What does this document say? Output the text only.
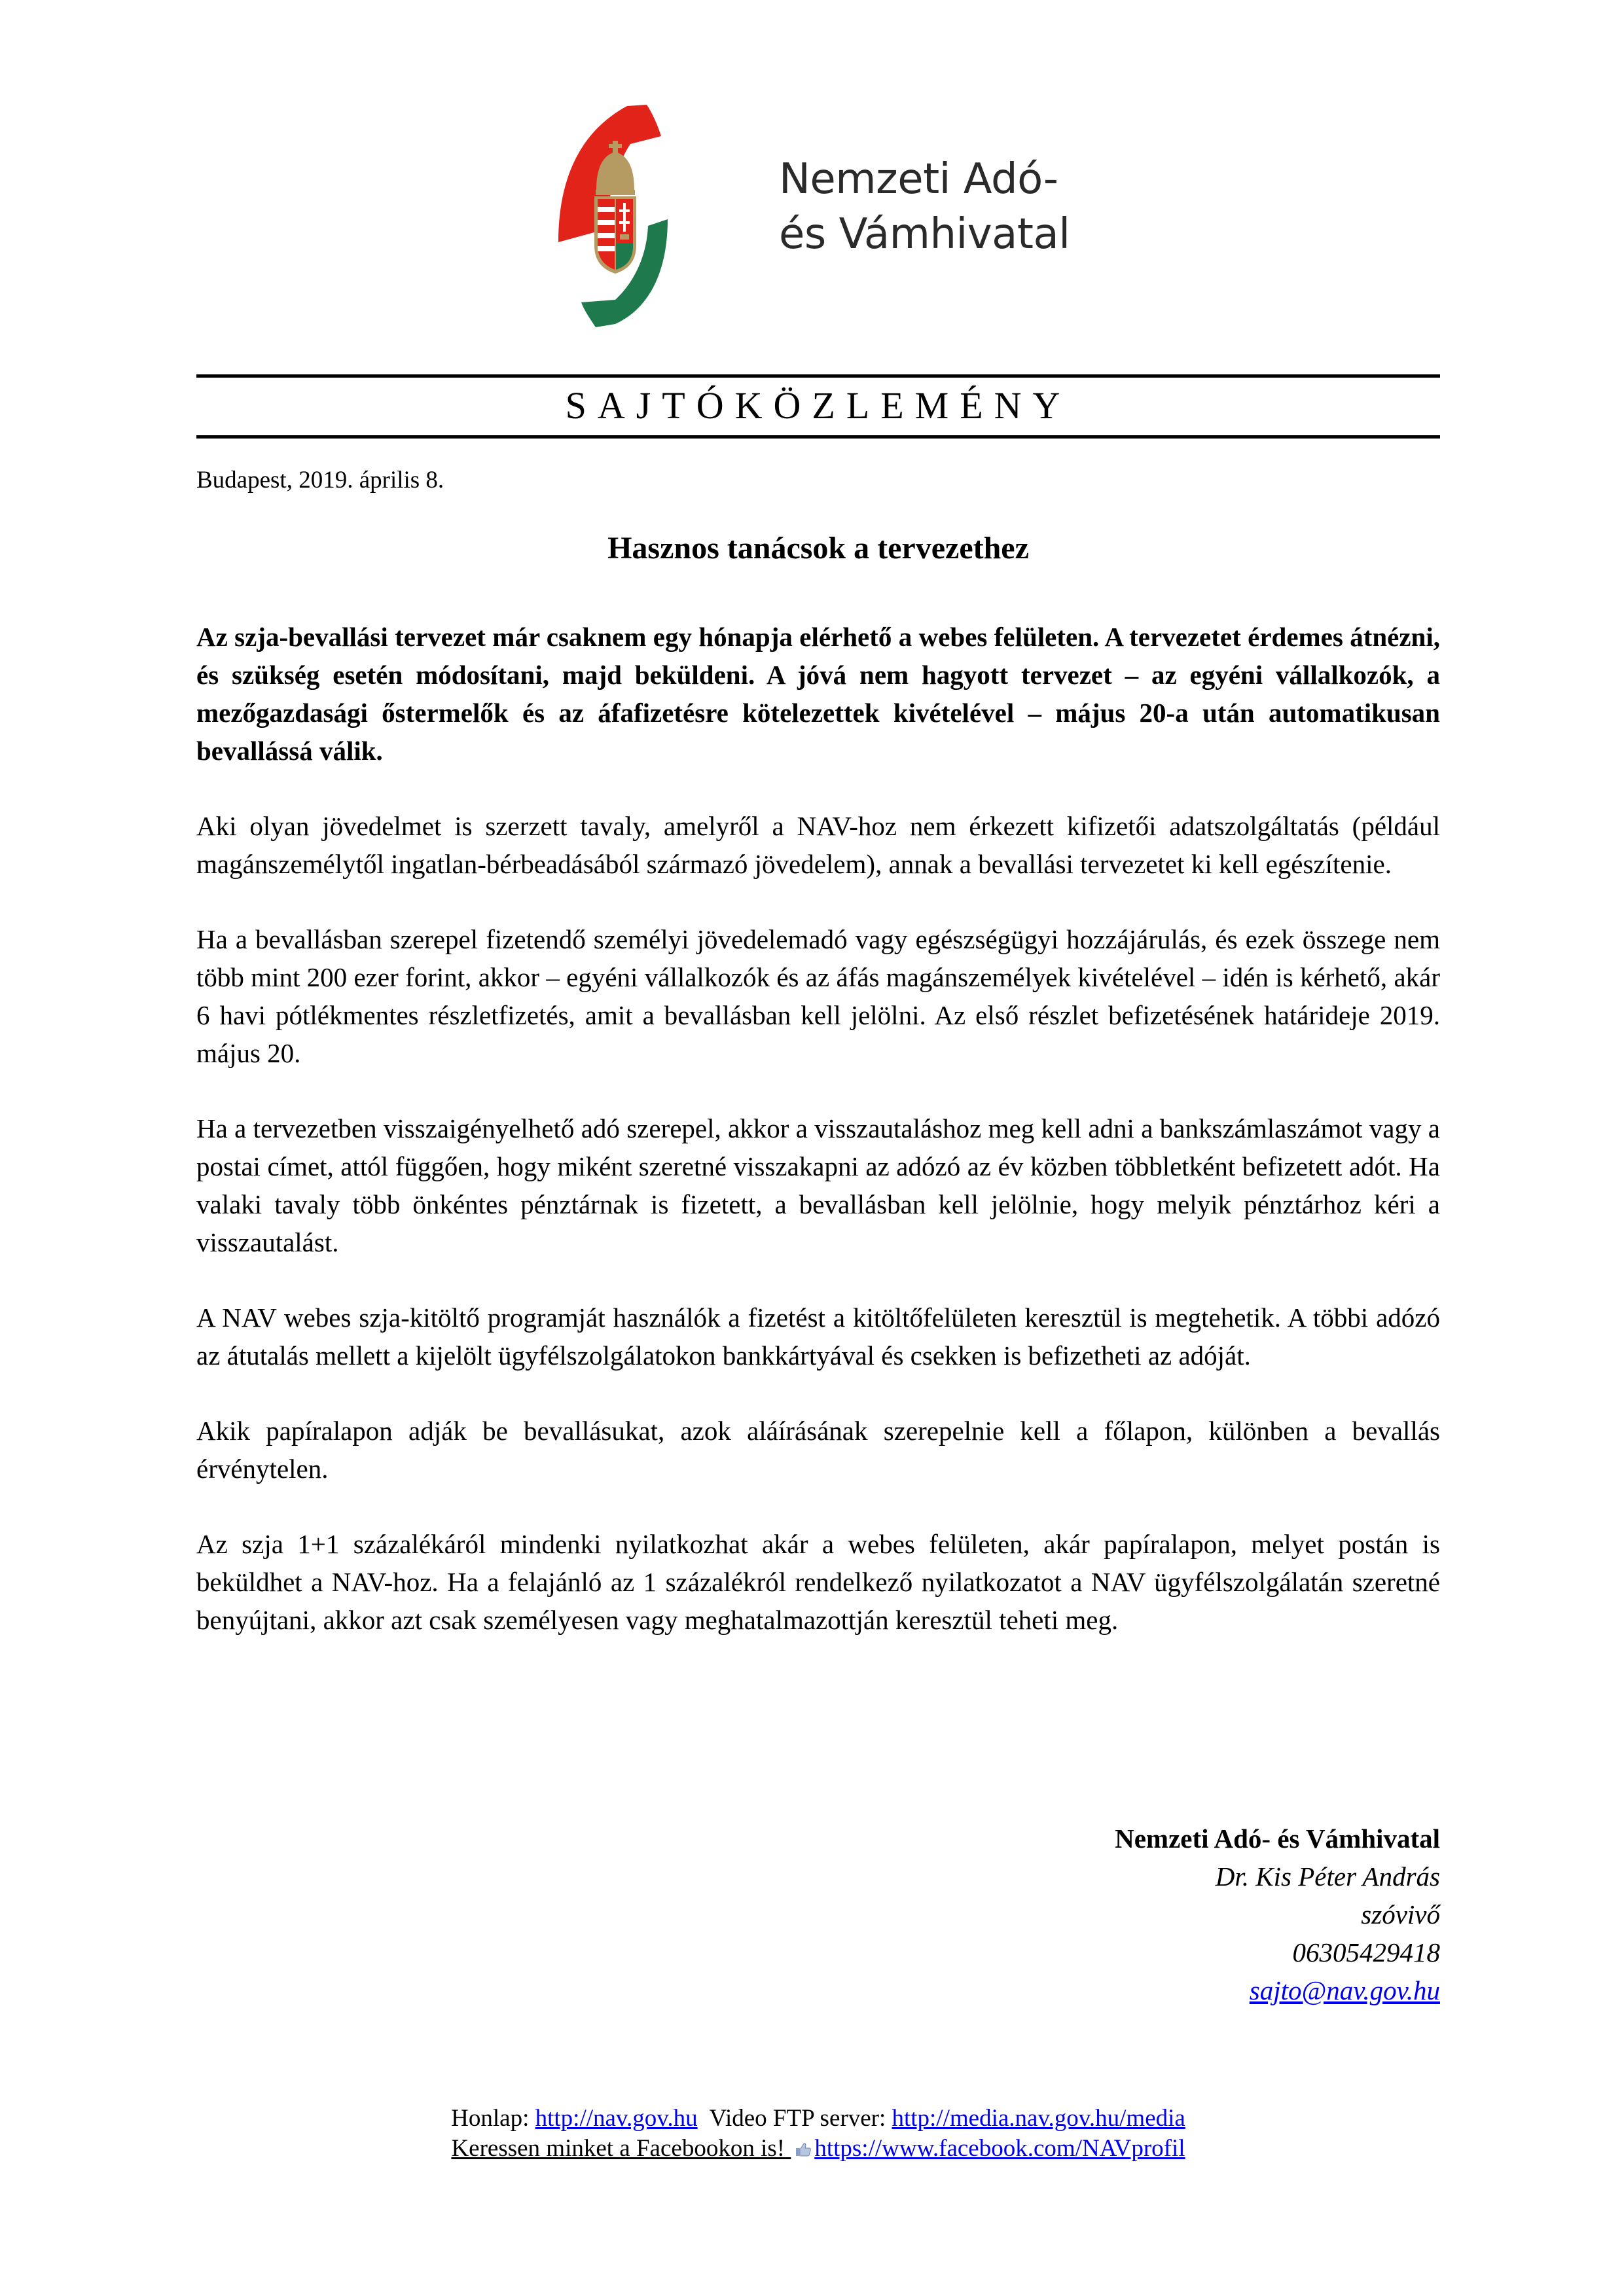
Nemzeti Adó-
és Vámhivatal
SAJTÓKÖZLEMÉNY
Budapest, 2019. április 8.
Hasznos tanácsok a tervezethez

Az szja-bevallási tervezet már csaknem egy hónapja elérhető a webes felületen. A tervezetet érdemes átnézni, és szükség esetén módosítani, majd beküldeni. A jóvá nem hagyott tervezet – az egyéni vállalkozók, a mezőgazdasági őstermelők és az áfafizetésre kötelezettek kivételével – május 20-a után automatikusan bevallássá válik.

Aki olyan jövedelmet is szerzett tavaly, amelyről a NAV-hoz nem érkezett kifizetői adatszolgáltatás (például magánszemélytől ingatlan-bérbeadásából származó jövedelem), annak a bevallási tervezetet ki kell egészítenie.

Ha a bevallásban szerepel fizetendő személyi jövedelemadó vagy egészségügyi hozzájárulás, és ezek összege nem több mint 200 ezer forint, akkor – egyéni vállalkozók és az áfás magánszemélyek kivételével – idén is kérhető, akár 6 havi pótlékmentes részletfizetés, amit a bevallásban kell jelölni. Az első részlet befizetésének határideje 2019. május 20.

Ha a tervezetben visszaigényelhető adó szerepel, akkor a visszautaláshoz meg kell adni a bankszámlaszámot vagy a postai címet, attól függően, hogy miként szeretné visszakapni az adózó az év közben többletként befizetett adót. Ha valaki tavaly több önkéntes pénztárnak is fizetett, a bevallásban kell jelölnie, hogy melyik pénztárhoz kéri a visszautalást.

A NAV webes szja-kitöltő programját használók a fizetést a kitöltőfelületen keresztül is megtehetik. A többi adózó az átutalás mellett a kijelölt ügyfélszolgálatokon bankkártyával és csekken is befizetheti az adóját.

Akik papíralapon adják be bevallásukat, azok aláírásának szerepelnie kell a főlapon, különben a bevallás érvénytelen.

Az szja 1+1 százalékáról mindenki nyilatkozhat akár a webes felületen, akár papíralapon, melyet postán is beküldhet a NAV-hoz. Ha a felajánló az 1 százalékról rendelkező nyilatkozatot a NAV ügyfélszolgálatán szeretné benyújtani, akkor azt csak személyesen vagy meghatalmazottján keresztül teheti meg.

Nemzeti Adó- és Vámhivatal
Dr. Kis Péter András
szóvivő
06305429418
sajto@nav.gov.hu
Honlap: http://nav.gov.hu Video FTP server: http://media.nav.gov.hu/media
Keressen minket a Facebookon is! https://www.facebook.com/NAVprofil
